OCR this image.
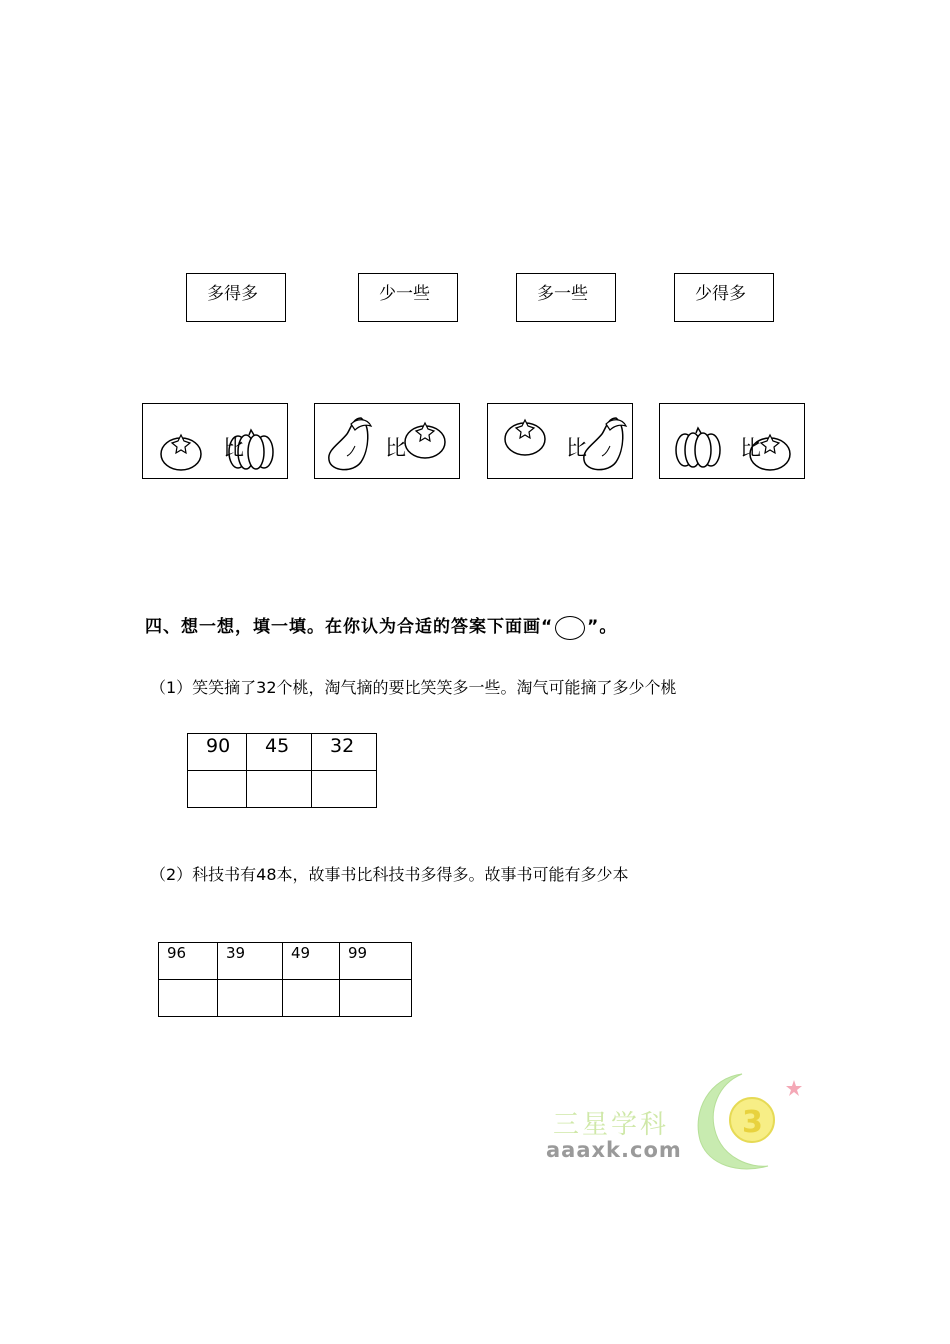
多得多	少一些	多一些	少得多
比	比	比	比
四、想一想，填一填。在你认为合适的答案下面画“ ”。
（1）笑笑摘了32个桃，淘气摘的要比笑笑多一些。淘气可能摘了多少个桃
90	45	32

（2）科技书有48本，故事书比科技书多得多。故事书可能有多少本
96	39	49	99

三星学科
aaaxk.com
3
